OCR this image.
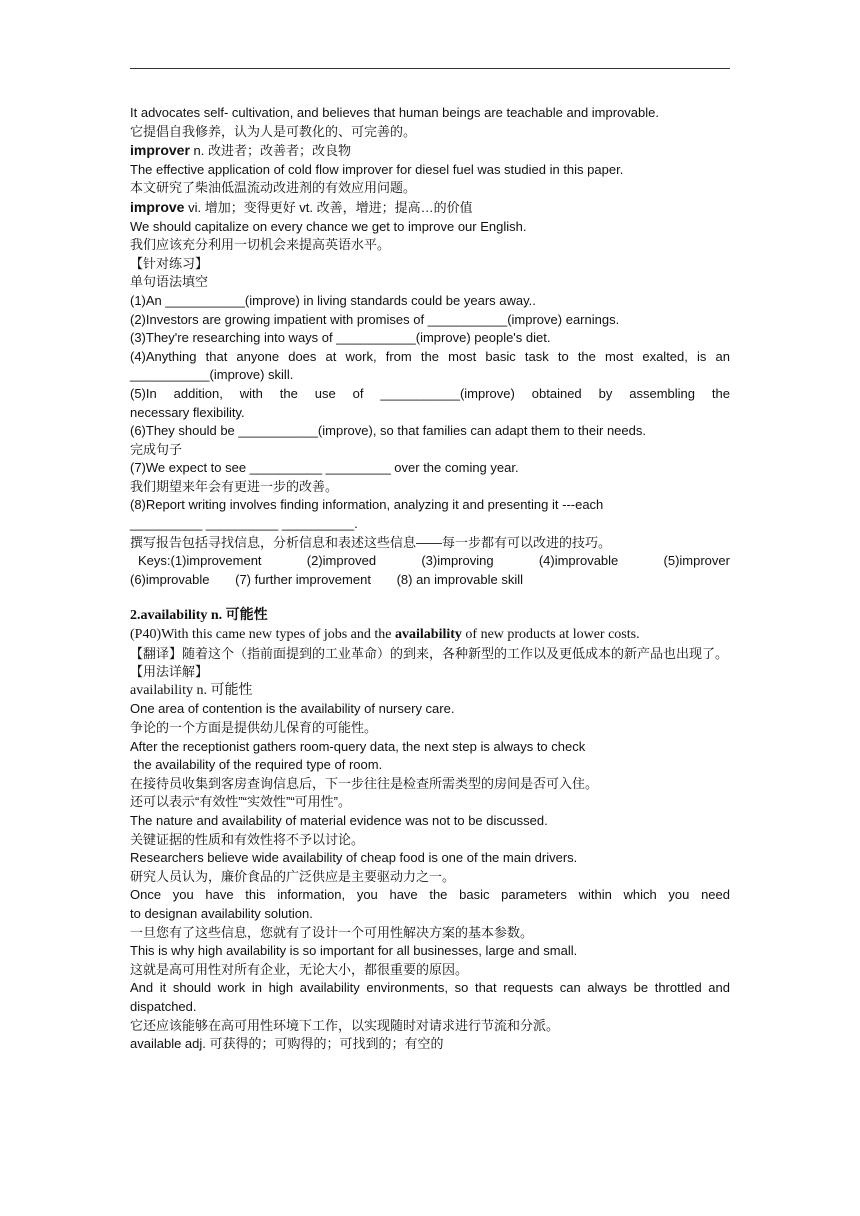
It advocates self- cultivation, and believes that human beings are teachable and improvable.
它提倡自我修养，认为人是可教化的、可完善的。
improver n. 改进者；改善者；改良物
The effective application of cold flow improver for diesel fuel was studied in this paper.
本文研究了柴油低温流动改进剂的有效应用问题。
improve vi. 增加；变得更好 vt. 改善，增进；提高…的价值
We should capitalize on every chance we get to improve our English.
我们应该充分利用一切机会来提高英语水平。
【针对练习】
单句语法填空
(1)An ___________(improve) in living standards could be years away..
(2)Investors are growing impatient with promises of ___________(improve) earnings.
(3)They're researching into ways of ___________(improve) people's diet.
(4)Anything that anyone does at work, from the most basic task to the most exalted, is an
___________(improve) skill.
(5)In addition, with the use of ___________(improve) obtained by assembling the
necessary flexibility.
(6)They should be ___________(improve), so that families can adapt them to their needs.
完成句子
(7)We expect to see __________ _________ over the coming year.
我们期望来年会有更进一步的改善。
(8)Report writing involves finding information, analyzing it and presenting it ---each
__________ __________ __________.
撰写报告包括寻找信息，分析信息和表述这些信息——每一步都有可以改进的技巧。
Keys:(1)improvement	(2)improved	(3)improving	(4)improvable	(5)improver
(6)improvable (7) further improvement (8) an improvable skill
2.availability n. 可能性
(P40)With this came new types of jobs and the availability of new products at lower costs.
【翻译】随着这个（指前面提到的工业革命）的到来，各种新型的工作以及更低成本的新产品也出现了。
【用法详解】
availability n. 可能性
One area of contention is the availability of nursery care.
争论的一个方面是提供幼儿保育的可能性。
After the receptionist gathers room-query data, the next step is always to check
the availability of the required type of room.
在接待员收集到客房查询信息后，下一步往往是检查所需类型的房间是否可入住。
还可以表示“有效性”“实效性”“可用性”。
The nature and availability of material evidence was not to be discussed.
关键证据的性质和有效性将不予以讨论。
Researchers believe wide availability of cheap food is one of the main drivers.
研究人员认为，廉价食品的广泛供应是主要驱动力之一。
Once you have this information, you have the basic parameters within which you need
to designan availability solution.
一旦您有了这些信息，您就有了设计一个可用性解决方案的基本参数。
This is why high availability is so important for all businesses, large and small.
这就是高可用性对所有企业，无论大小，都很重要的原因。
And it should work in high availability environments, so that requests can always be throttled and
dispatched.
它还应该能够在高可用性环境下工作，以实现随时对请求进行节流和分派。
available adj. 可获得的；可购得的；可找到的；有空的
